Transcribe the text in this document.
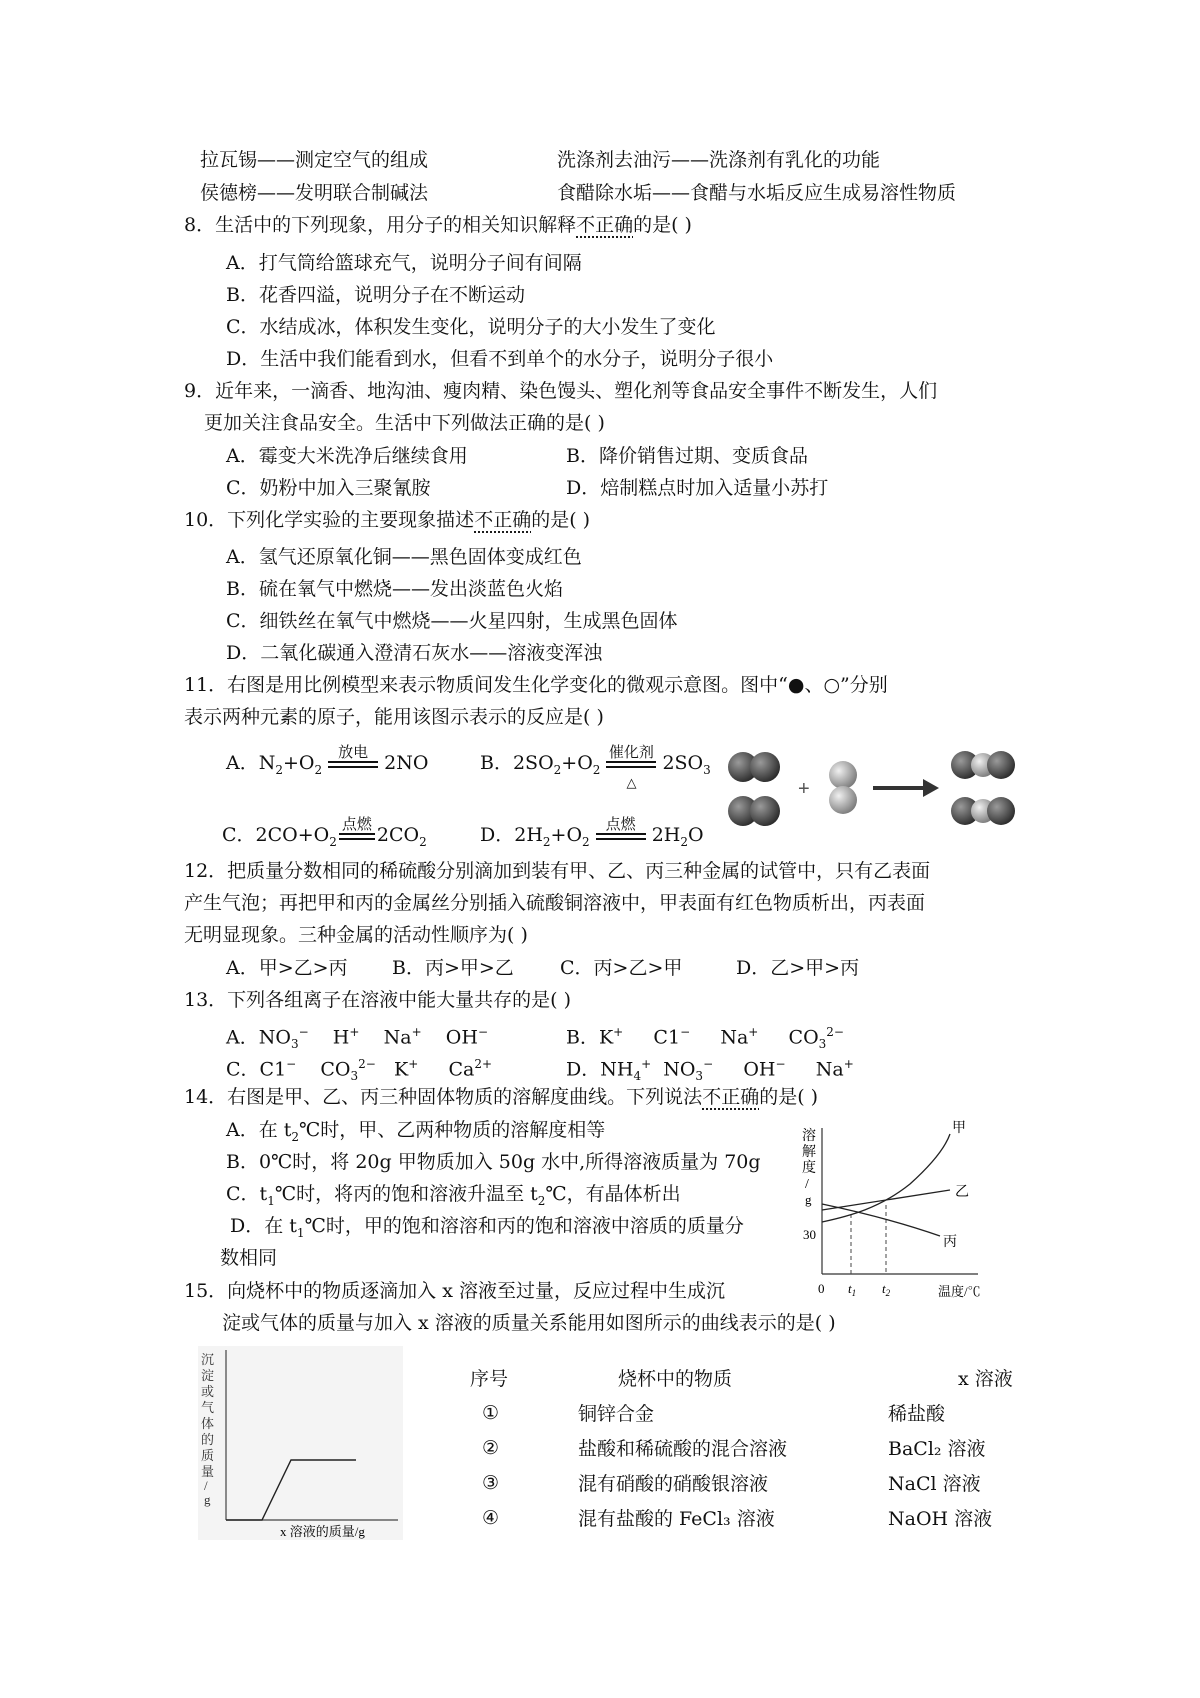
拉瓦锡——测定空气的组成	洗涤剂去油污——洗涤剂有乳化的功能
侯德榜——发明联合制碱法	食醋除水垢——食醋与水垢反应生成易溶性物质
8．生活中的下列现象，用分子的相关知识解释不正确的是( )
A．打气筒给篮球充气，说明分子间有间隔
B．花香四溢，说明分子在不断运动
C．水结成冰，体积发生变化，说明分子的大小发生了变化
D．生活中我们能看到水，但看不到单个的水分子，说明分子很小
9．近年来，一滴香、地沟油、瘦肉精、染色馒头、塑化剂等食品安全事件不断发生，人们
更加关注食品安全。生活中下列做法正确的是( )
A．霉变大米洗净后继续食用	B．降价销售过期、变质食品
C．奶粉中加入三聚氰胺	D．焙制糕点时加入适量小苏打
10．下列化学实验的主要现象描述不正确的是( )
A．氢气还原氧化铜——黑色固体变成红色
B．硫在氧气中燃烧——发出淡蓝色火焰
C．细铁丝在氧气中燃烧——火星四射，生成黑色固体
D．二氧化碳通入澄清石灰水——溶液变浑浊
11．右图是用比例模型来表示物质间发生化学变化的微观示意图。图中“●、○”分别
表示两种元素的原子，能用该图示表示的反应是( )
A．$N_2+O_2$
放电
2NO	B．$2SO_2+O_2$
催化剂
△
$2SO_3$
C．$2CO+O_2$
点燃
$2CO_2$	D．$2H_2+O_2$
点燃
$2H_2O$
+
12．把质量分数相同的稀硫酸分别滴加到装有甲、乙、丙三种金属的试管中，只有乙表面
产生气泡；再把甲和丙的金属丝分别插入硫酸铜溶液中，甲表面有红色物质析出，丙表面
无明显现象。三种金属的活动性顺序为( )
A．甲>乙>丙 B．丙>甲>乙 C．丙>乙>甲	D．乙>甲>丙
13．下列各组离子在溶液中能大量共存的是( )
A．$NO_3^-$    H+    Na+    OH−	B．K+     C1−     Na+     $CO_3^{2-}$
C．C1−    $CO_3^{2-}$   K+     $Ca^{2+}$	D．$NH_4^+$  $NO_3^-$     OH−     Na+
14．右图是甲、乙、丙三种固体物质的溶解度曲线。下列说法不正确的是( )
A．在 $t_2℃$时，甲、乙两种物质的溶解度相等
B．0℃时，将 20g 甲物质加入 50g 水中,所得溶液质量为 70g
C．$t_1℃$时，将丙的饱和溶液升温至 $t_2℃$，有晶体析出
D．在 $t_1℃$时，甲的饱和溶溶和丙的饱和溶液中溶质的质量分
数相同
溶
解
度
/
g
30
0 $t_1$ $t_2$	温度/℃
甲
乙
丙
15．向烧杯中的物质逐滴加入 x 溶液至过量，反应过程中生成沉
淀或气体的质量与加入 x 溶液的质量关系能用如图所示的曲线表示的是( )
沉
淀
或
气
体
的
质
量
/
g
x 溶液的质量/g
序号	烧杯中的物质	x 溶液
①	铜锌合金	稀盐酸
②	盐酸和稀硫酸的混合溶液	BaCl₂ 溶液
③	混有硝酸的硝酸银溶液	NaCl 溶液
④	混有盐酸的 FeCl₃ 溶液	NaOH 溶液
